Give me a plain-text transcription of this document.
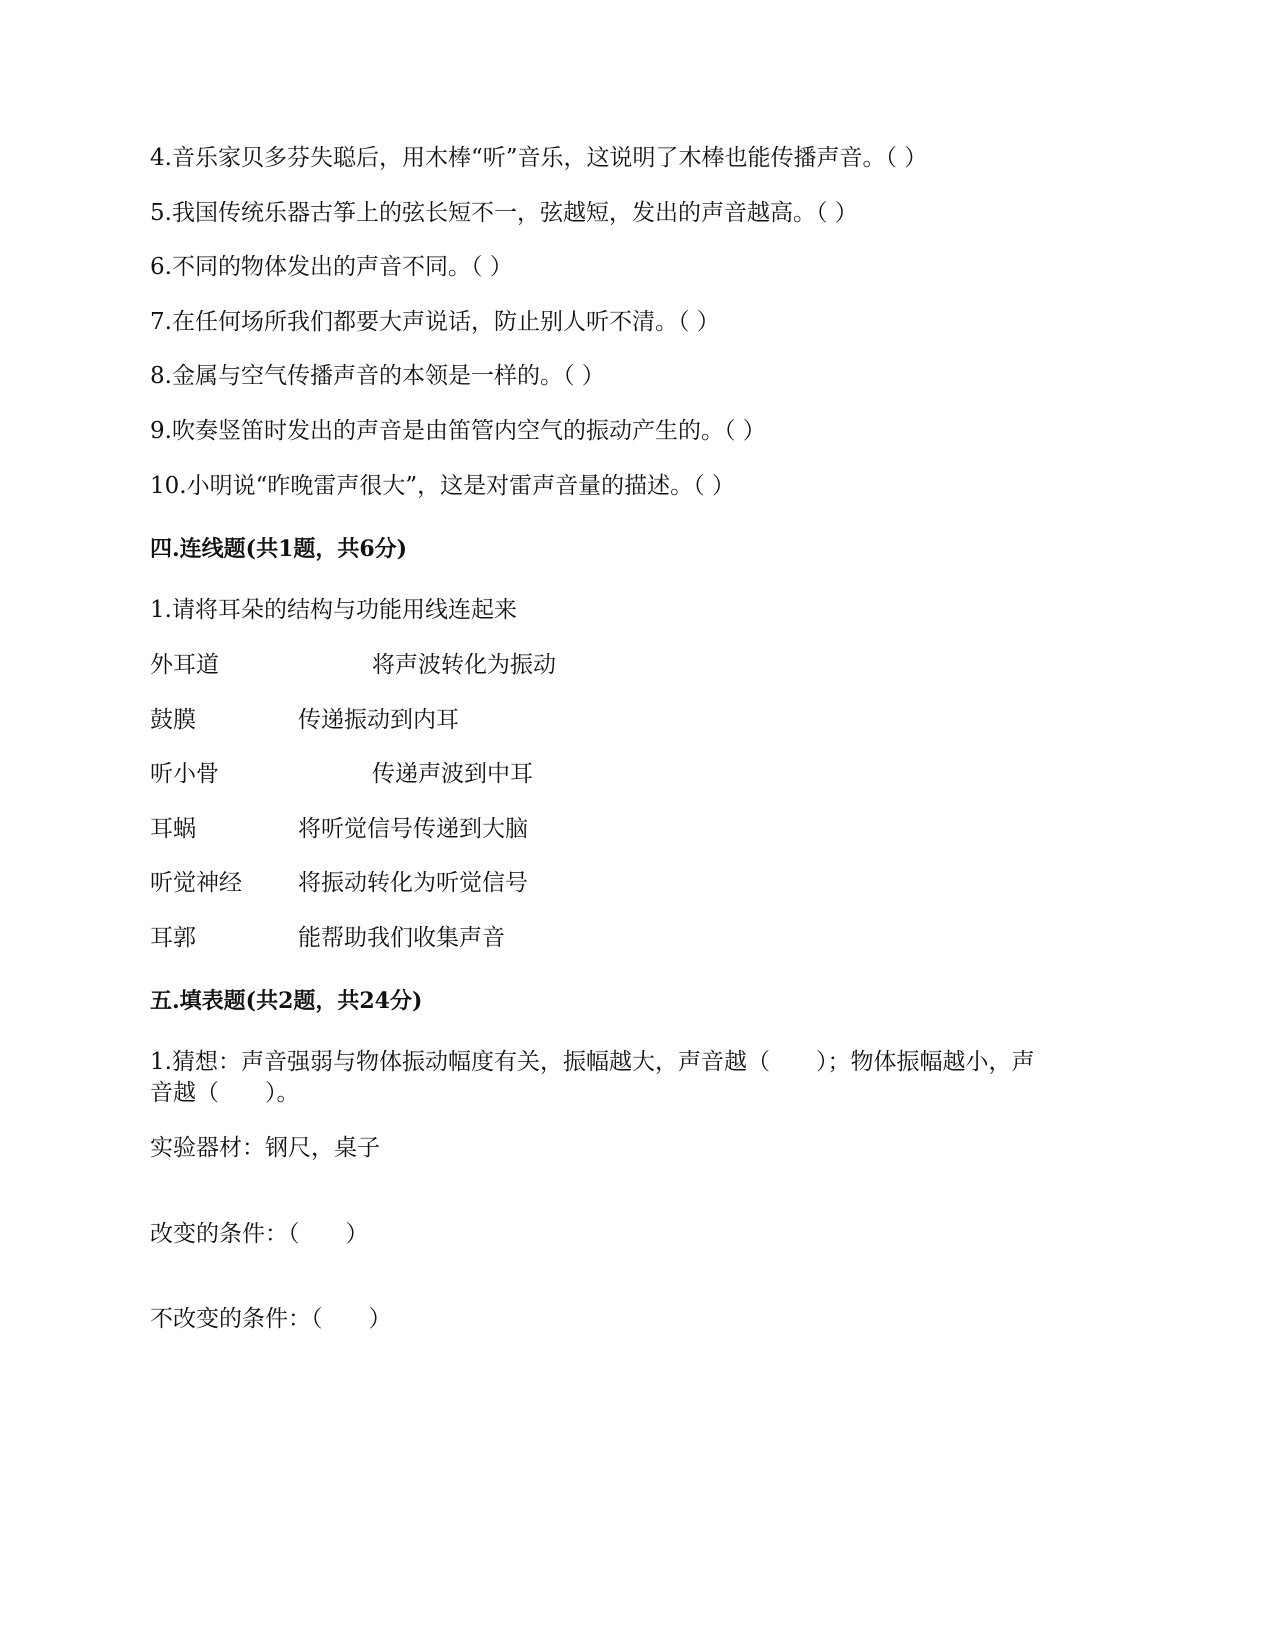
4.音乐家贝多芬失聪后，用木棒“听”音乐，这说明了木棒也能传播声音。（ ）
5.我国传统乐器古筝上的弦长短不一，弦越短，发出的声音越高。（ ）
6.不同的物体发出的声音不同。（ ）
7.在任何场所我们都要大声说话，防止别人听不清。（ ）
8.金属与空气传播声音的本领是一样的。（ ）
9.吹奏竖笛时发出的声音是由笛管内空气的振动产生的。（ ）
10.小明说“昨晚雷声很大”，这是对雷声音量的描述。（ ）
四.连线题(共1题，共6分)
1.请将耳朵的结构与功能用线连起来
外耳道	将声波转化为振动
鼓膜	传递振动到内耳
听小骨	传递声波到中耳
耳蜗	将听觉信号传递到大脑
听觉神经 将振动转化为听觉信号
耳郭	能帮助我们收集声音
五.填表题(共2题，共24分)
1.猜想：声音强弱与物体振动幅度有关，振幅越大，声音越（　　）；物体振幅越小，声
音越（　　）。
实验器材：钢尺，桌子
改变的条件：（　　）
不改变的条件：（　　）
